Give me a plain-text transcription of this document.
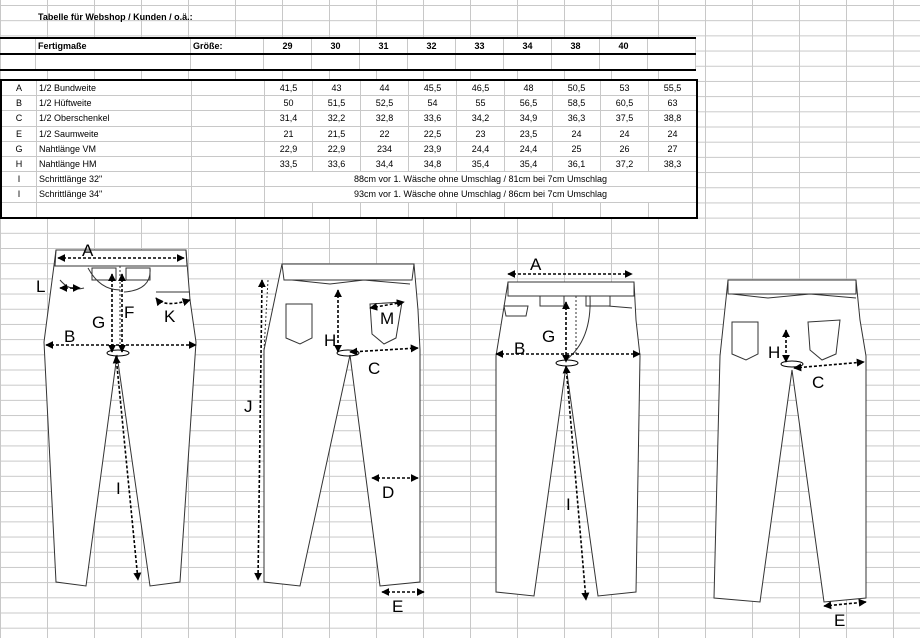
Tabelle für Webshop / Kunden / o.ä.:
	Fertigmaße	Größe:	29	30	31	32	33	34	38	40	

A	1/2 Bundweite		41,5	43	44	45,5	46,5	48	50,5	53	55,5
B	1/2 Hüftweite		50	51,5	52,5	54	55	56,5	58,5	60,5	63
C	1/2 Oberschenkel		31,4	32,2	32,8	33,6	34,2	34,9	36,3	37,5	38,8
E	1/2 Saumweite		21	21,5	22	22,5	23	23,5	24	24	24
G	Nahtlänge VM		22,9	22,9	234	23,9	24,4	24,4	25	26	27
H	Nahtlänge HM		33,5	33,6	34,4	34,8	35,4	35,4	36,1	37,2	38,3
I	Schrittlänge 32"		88cm vor 1. Wäsche ohne Umschlag / 81cm bei 7cm Umschlag								
I	Schrittlänge 34"		93cm vor 1. Wäsche ohne Umschlag / 86cm bei 7cm Umschlag								

A
L
B
G
F K
I
J
H
M
C
D
E
A
B
G
I
H
C
E
